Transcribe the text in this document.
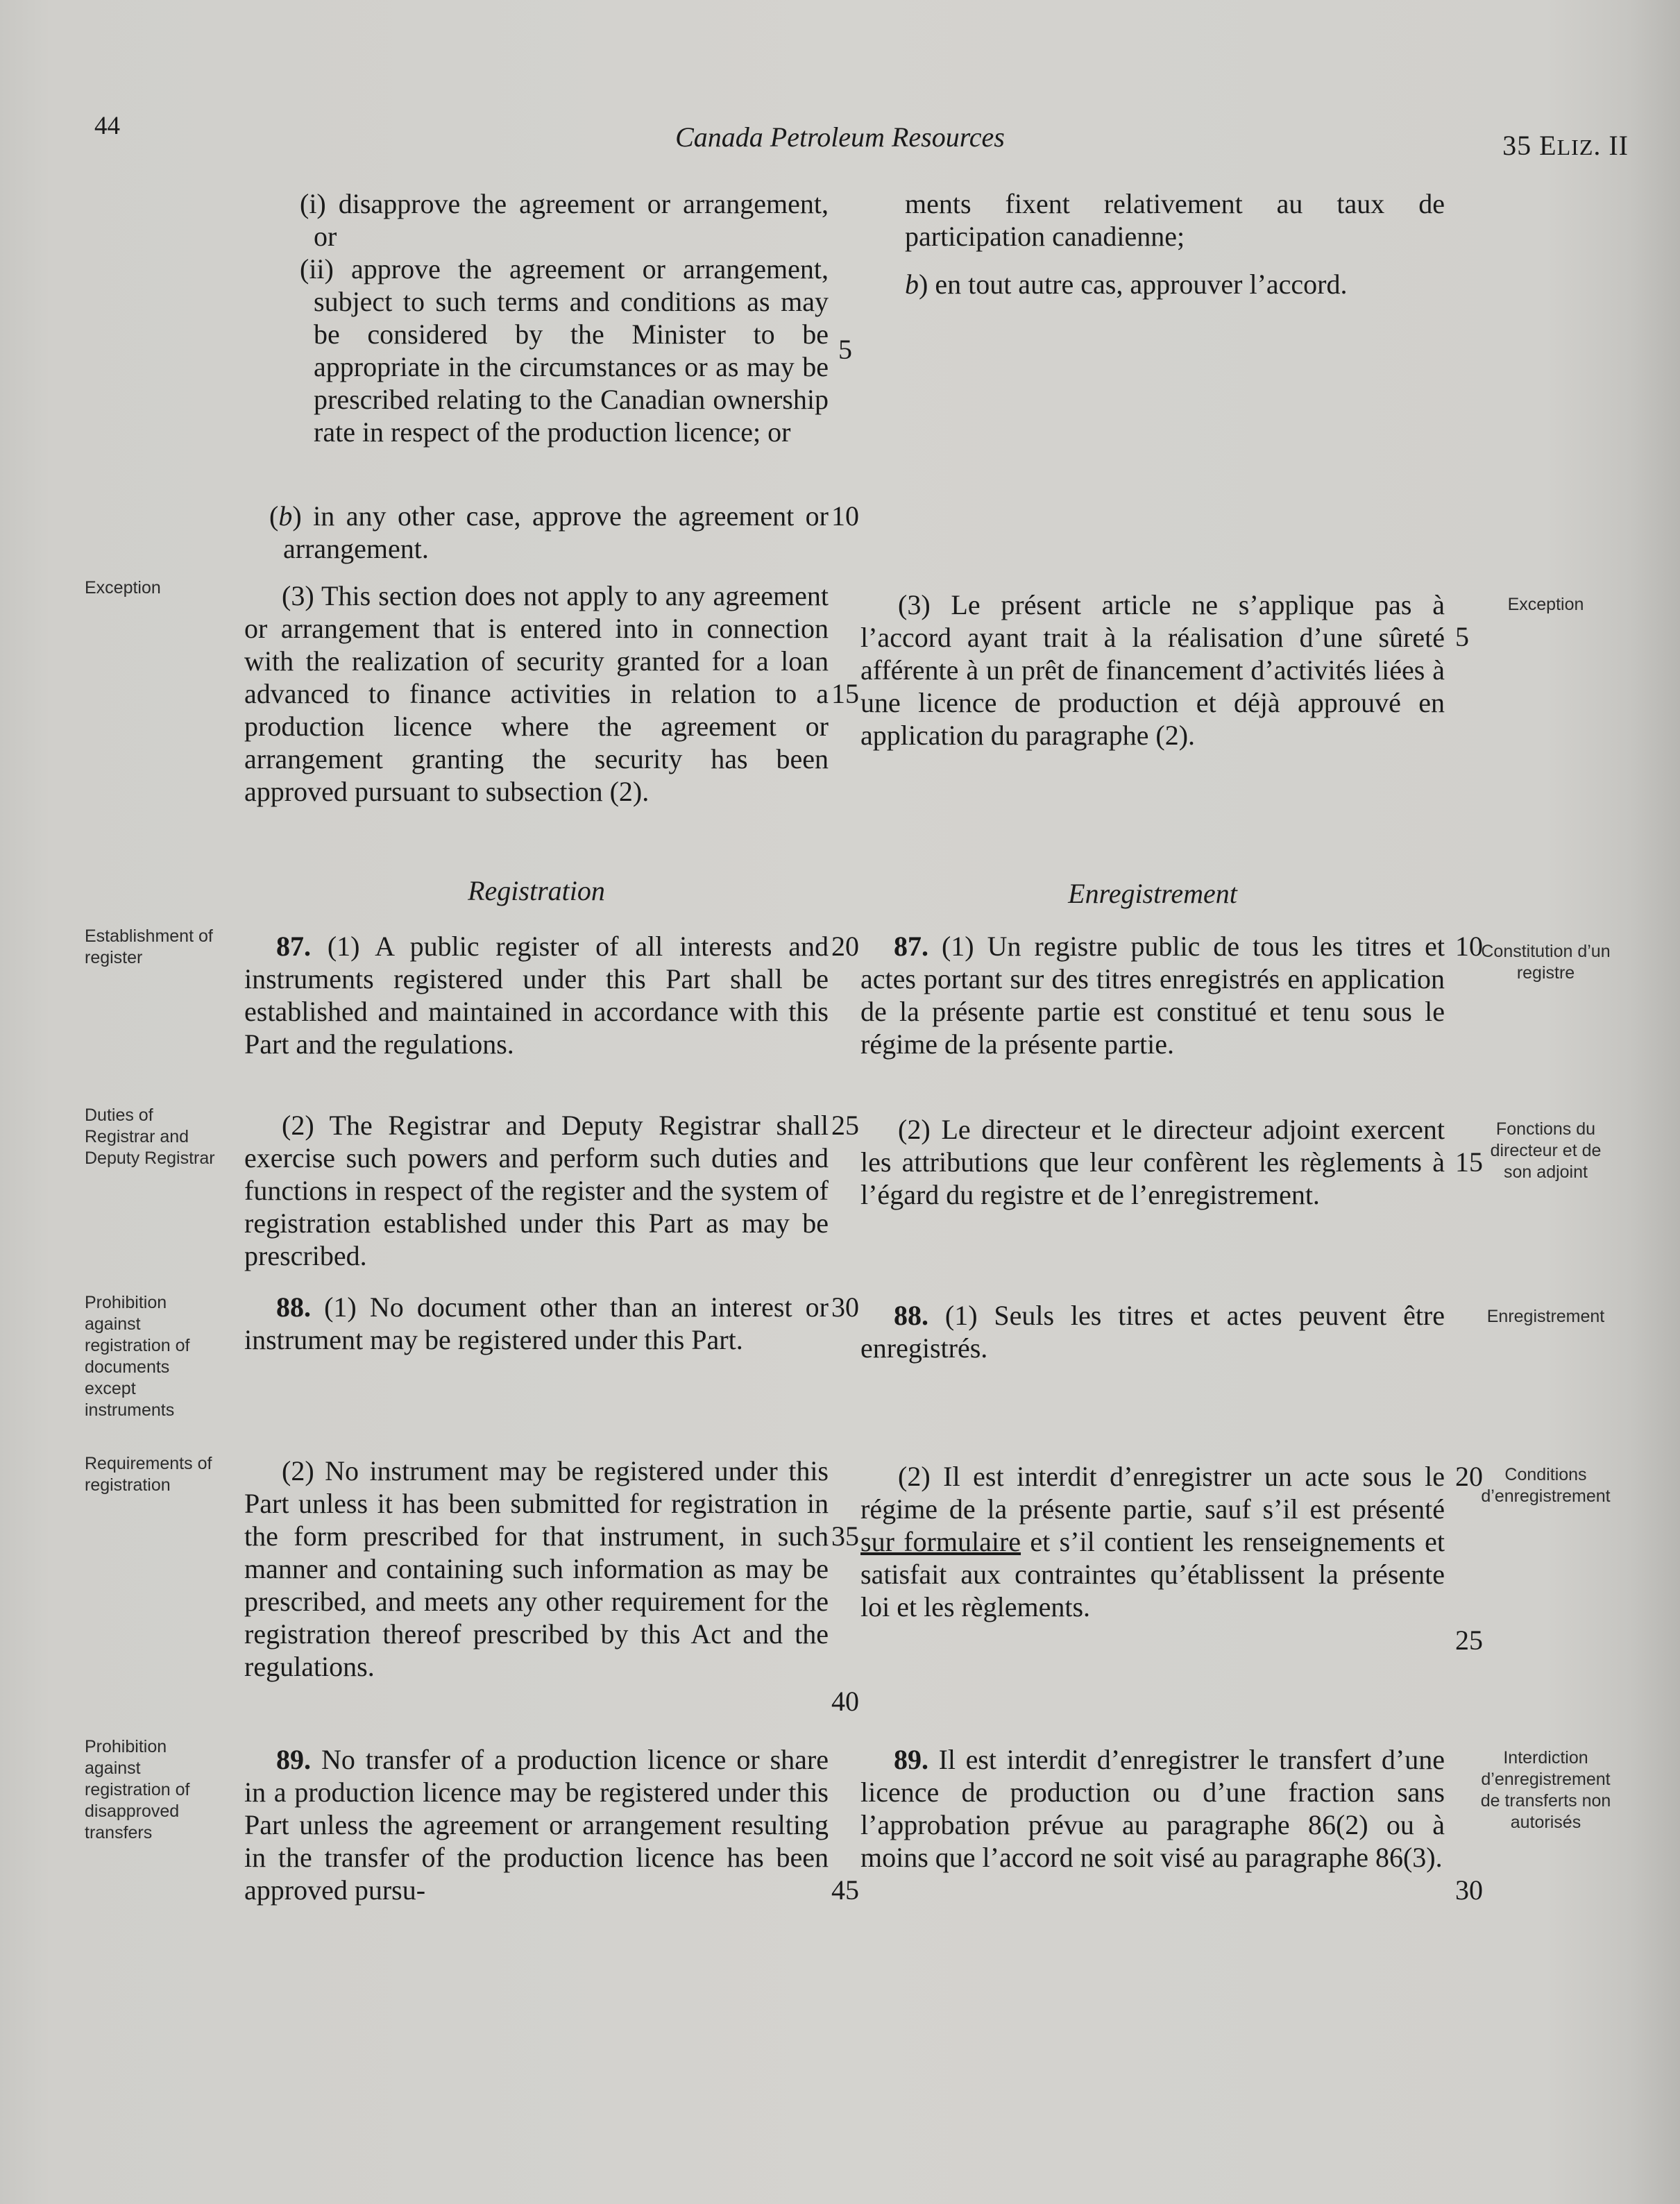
44	Canada Petroleum Resources	35 ELIZ. II

(i) disapprove the agreement or arrangement, or

(ii) approve the agreement or arrangement, subject to such terms and conditions as may be considered by the Minister to be appropriate in the circumstances or as may be prescribed relating to the Canadian ownership rate in respect of the production licence; or

(b) in any other case, approve the agreement or arrangement.

(3) This section does not apply to any agreement or arrangement that is entered into in connection with the realization of security granted for a loan advanced to finance activities in relation to a production licence where the agreement or arrangement granting the security has been approved pursuant to subsection (2).

Registration

87. (1) A public register of all interests and instruments registered under this Part shall be established and maintained in accordance with this Part and the regulations.

(2) The Registrar and Deputy Registrar shall exercise such powers and perform such duties and functions in respect of the register and the system of registration established under this Part as may be prescribed.

88. (1) No document other than an interest or instrument may be registered under this Part.

(2) No instrument may be registered under this Part unless it has been submitted for registration in the form prescribed for that instrument, in such manner and containing such information as may be prescribed, and meets any other requirement for the registration thereof prescribed by this Act and the regulations.

89. No transfer of a production licence or share in a production licence may be registered under this Part unless the agreement or arrangement resulting in the transfer of the production licence has been approved pursu-

5
10
15
20
25
30
35
40
45

ments fixent relativement au taux de participation canadienne;

b) en tout autre cas, approuver l’accord.

(3) Le présent article ne s’applique pas à l’accord ayant trait à la réalisation d’une sûreté afférente à un prêt de financement d’activités liées à une licence de production et déjà approuvé en application du paragraphe (2).

Enregistrement

87. (1) Un registre public de tous les titres et actes portant sur des titres enregistrés en application de la présente partie est constitué et tenu sous le régime de la présente partie.

(2) Le directeur et le directeur adjoint exercent les attributions que leur confèrent les règlements à l’égard du registre et de l’enregistrement.

88. (1) Seuls les titres et actes peuvent être enregistrés.

(2) Il est interdit d’enregistrer un acte sous le régime de la présente partie, sauf s’il est présenté sur formulaire et s’il contient les renseignements et satisfait aux contraintes qu’établissent la présente loi et les règlements.

89. Il est interdit d’enregistrer le transfert d’une licence de production ou d’une fraction sans l’approbation prévue au paragraphe 86(2) ou à moins que l’accord ne soit visé au paragraphe 86(3).

5
10
15
20
25
30
Exception
Establishment of register
Duties of Registrar and Deputy Registrar
Prohibition against registration of documents except instruments
Requirements of registration
Prohibition against registration of disapproved transfers
Exception
Constitution d’un registre
Fonctions du directeur et de son adjoint
Enregistrement
Conditions d’enregistrement
Interdiction d’enregistrement de transferts non autorisés
